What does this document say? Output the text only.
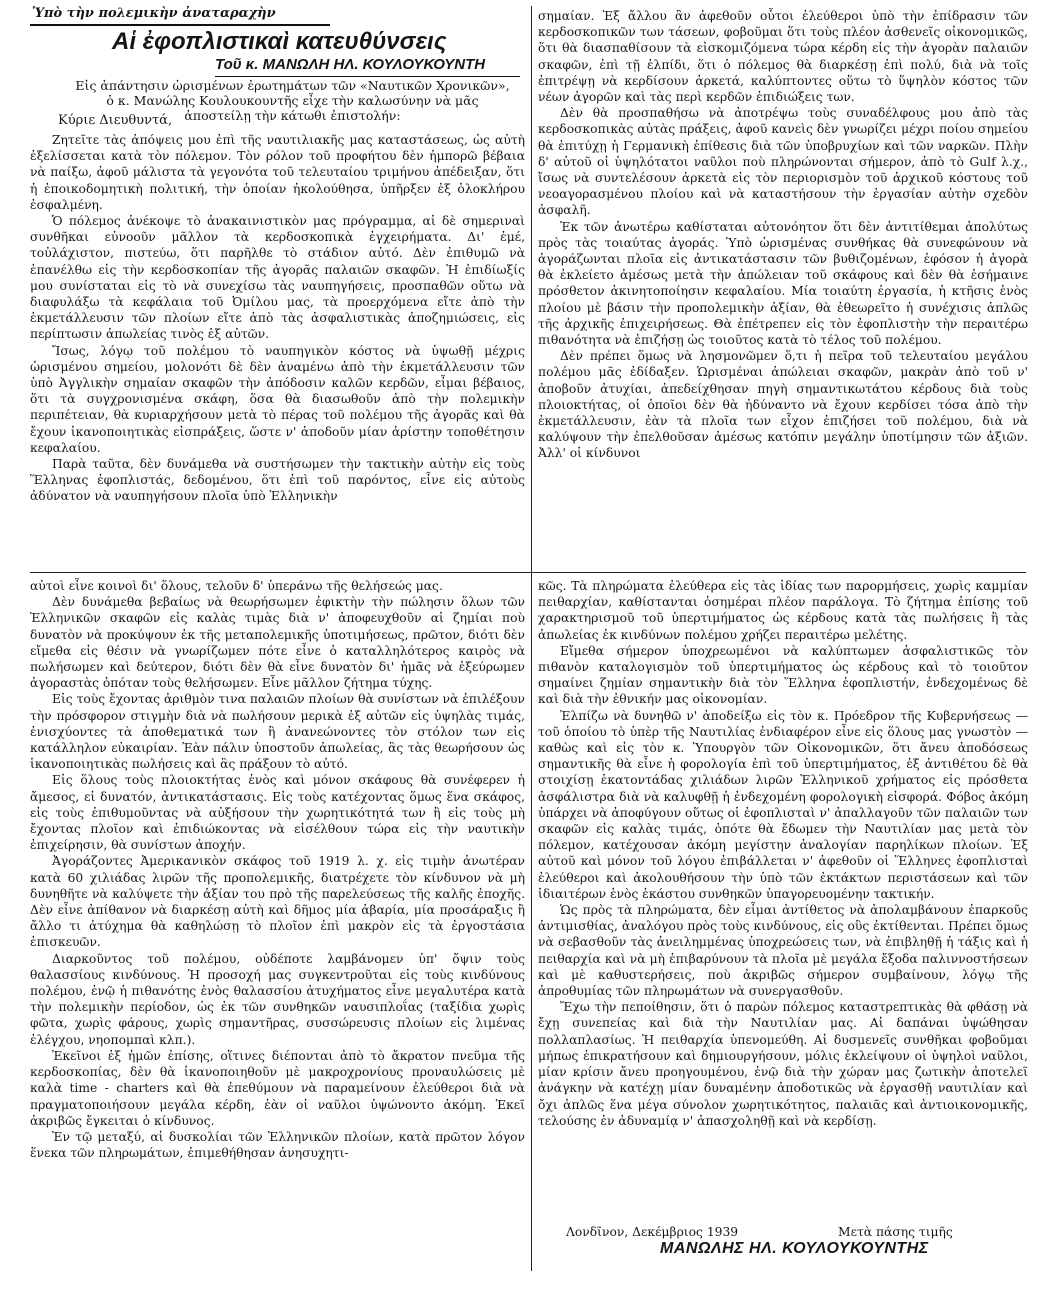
Ὑπὸ τὴν πολεμικὴν ἀναταραχὴν
Αἱ ἐφοπλιστικαὶ κατευθύνσεις
Τοῦ κ. ΜΑΝΩΛΗ ΗΛ. ΚΟΥΛΟΥΚΟΥΝΤΗ
Εἰς ἀπάντησιν ὡρισμένων ἐρωτημάτων τῶν «Ναυτικῶν Χρονικῶν», ὁ κ. Μανώλης Κουλουκουντῆς εἶχε τὴν καλωσύνην νὰ μᾶς ἀποστείλῃ τὴν κάτωθι ἐπιστολήν:
Κύριε Διευθυντά,

Ζητεῖτε τὰς ἀπόψεις μου ἐπὶ τῆς ναυτιλιακῆς μας καταστάσεως, ὡς αὐτὴ ἐξελίσσεται κατὰ τὸν πόλεμον. Τὸν ρόλον τοῦ προφήτου δὲν ἠμπορῶ βέβαια νὰ παίξω, ἀφοῦ μάλιστα τὰ γεγονότα τοῦ τελευταίου τριμήνου ἀπέδειξαν, ὅτι ἡ ἐποικοδομητικὴ πολιτική, τὴν ὁποίαν ἠκολούθησα, ὑπῆρξεν ἐξ ὁλοκλήρου ἐσφαλμένη.

Ὁ πόλεμος ἀνέκοψε τὸ ἀνακαινιστικὸν μας πρόγραμμα, αἱ δὲ σημεριναὶ συνθῆκαι εὐνοοῦν μᾶλλον τὰ κερδοσκοπικὰ ἐγχειρήματα. Δι' ἐμέ, τοὐλάχιστον, πιστεύω, ὅτι παρῆλθε τὸ στάδιον αὐτό. Δὲν ἐπιθυμῶ νὰ ἐπανέλθω εἰς τὴν κερδοσκοπίαν τῆς ἀγορᾶς παλαιῶν σκαφῶν. Ἡ ἐπιδίωξίς μου συνίσταται εἰς τὸ νὰ συνεχίσω τὰς ναυπηγήσεις, προσπαθῶν οὕτω νὰ διαφυλάξω τὰ κεφάλαια τοῦ Ὀμίλου μας, τὰ προερχόμενα εἴτε ἀπὸ τὴν ἐκμετάλλευσιν τῶν πλοίων εἴτε ἀπὸ τὰς ἀσφαλιστικὰς ἀποζημιώσεις, εἰς περίπτωσιν ἀπωλείας τινὸς ἐξ αὐτῶν.

Ἴσως, λόγῳ τοῦ πολέμου τὸ ναυπηγικὸν κόστος νὰ ὑψωθῇ μέχρις ὡρισμένου σημείου, μολονότι δὲ δὲν ἀναμένω ἀπὸ τὴν ἐκμετάλλευσιν τῶν ὑπὸ Ἀγγλικὴν σημαίαν σκαφῶν τὴν ἀπόδοσιν καλῶν κερδῶν, εἶμαι βέβαιος, ὅτι τὰ συγχρονισμένα σκάφη, ὅσα θὰ διασωθοῦν ἀπὸ τὴν πολεμικὴν περιπέτειαν, θὰ κυριαρχήσουν μετὰ τὸ πέρας τοῦ πολέμου τῆς ἀγορᾶς καὶ θὰ ἔχουν ἱκανοποιητικὰς εἰσπράξεις, ὥστε ν' ἀποδοῦν μίαν ἀρίστην τοποθέτησιν κεφαλαίου.

Παρὰ ταῦτα, δὲν δυνάμεθα νὰ συστήσωμεν τὴν τακτικὴν αὐτὴν εἰς τοὺς Ἕλληνας ἐφοπλιστάς, δεδομένου, ὅτι ἐπὶ τοῦ παρόντος, εἶνε εἰς αὐτοὺς ἀδύνατον νὰ ναυπηγήσουν πλοῖα ὑπὸ Ἑλληνικὴν

σημαίαν. Ἐξ ἄλλου ἂν ἀφεθοῦν οὗτοι ἐλεύθεροι ὑπὸ τὴν ἐπίδρασιν τῶν κερδοσκοπικῶν των τάσεων, φοβοῦμαι ὅτι τοὺς πλέον ἀσθενεῖς οἰκονομικῶς, ὅτι θὰ διασπαθίσουν τὰ εἰσκομιζόμενα τώρα κέρδη εἰς τὴν ἀγορὰν παλαιῶν σκαφῶν, ἐπὶ τῇ ἐλπίδι, ὅτι ὁ πόλεμος θὰ διαρκέσῃ ἐπὶ πολύ, διὰ νὰ τοῖς ἐπιτρέψῃ νὰ κερδίσουν ἀρκετά, καλύπτοντες οὕτω τὸ ὕψηλὸν κόστος τῶν νέων ἀγορῶν καὶ τὰς περὶ κερδῶν ἐπιδιώξεις των.

Δὲν θὰ προσπαθήσω νὰ ἀποτρέψω τοὺς συναδέλφους μου ἀπὸ τὰς κερδοσκοπικὰς αὐτὰς πράξεις, ἀφοῦ κανεὶς δὲν γνωρίζει μέχρι ποίου σημείου θὰ ἐπιτύχῃ ἡ Γερμανικὴ ἐπίθεσις διὰ τῶν ὑποβρυχίων καὶ τῶν ναρκῶν. Πλὴν δ' αὐτοῦ οἱ ὑψηλότατοι ναῦλοι ποὺ πληρώνονται σήμερον, ἀπὸ τὸ Gulf λ.χ., ἴσως νὰ συντελέσουν ἀρκετὰ εἰς τὸν περιορισμὸν τοῦ ἀρχικοῦ κόστους τοῦ νεοαγορασμένου πλοίου καὶ νὰ καταστήσουν τὴν ἐργασίαν αὐτὴν σχεδὸν ἀσφαλῆ.

Ἐκ τῶν ἀνωτέρω καθίσταται αὐτονόητον ὅτι δὲν ἀντιτίθεμαι ἀπολύτως πρὸς τὰς τοιαύτας ἀγοράς. Ὑπὸ ὡρισμένας συνθήκας θὰ συνεφώνουν νὰ ἀγοράζωνται πλοῖα εἰς ἀντικατάστασιν τῶν βυθιζομένων, ἐφόσον ἡ ἀγορὰ θὰ ἐκλείετο ἀμέσως μετὰ τὴν ἀπώλειαν τοῦ σκάφους καὶ δὲν θὰ ἐσήμαινε πρόσθετον ἀκινητοποίησιν κεφαλαίου. Μία τοιαύτη ἐργασία, ἡ κτῆσις ἑνὸς πλοίου μὲ βάσιν τὴν προπολεμικὴν ἀξίαν, θὰ ἐθεωρεῖτο ἡ συνέχισις ἁπλῶς τῆς ἀρχικῆς ἐπιχειρήσεως. Θὰ ἐπέτρεπεν εἰς τὸν ἐφοπλιστὴν τὴν περαιτέρω πιθανότητα νὰ ἐπιζήσῃ ὡς τοιοῦτος κατὰ τὸ τέλος τοῦ πολέμου.

Δὲν πρέπει ὅμως νὰ λησμονῶμεν ὅ,τι ἡ πεῖρα τοῦ τελευταίου μεγάλου πολέμου μᾶς ἐδίδαξεν. Ὡρισμέναι ἀπώλειαι σκαφῶν, μακρὰν ἀπὸ τοῦ ν' ἀποβοῦν ἀτυχίαι, ἀπεδείχθησαν πηγὴ σημαντικωτάτου κέρδους διὰ τοὺς πλοιοκτήτας, οἱ ὁποῖοι δὲν θὰ ἠδύναντο νὰ ἔχουν κερδίσει τόσα ἀπὸ τὴν ἐκμετάλλευσιν, ἐὰν τὰ πλοῖα των εἶχον ἐπιζήσει τοῦ πολέμου, διὰ νὰ καλύψουν τὴν ἐπελθοῦσαν ἀμέσως κατόπιν μεγάλην ὑποτίμησιν τῶν ἀξιῶν. Ἀλλ' οἱ κίνδυνοι

αὐτοὶ εἶνε κοινοὶ δι' ὅλους, τελοῦν δ' ὑπεράνω τῆς θελήσεώς μας.

Δὲν δυνάμεθα βεβαίως νὰ θεωρήσωμεν ἐφικτὴν τὴν πώλησιν ὅλων τῶν Ἑλληνικῶν σκαφῶν εἰς καλὰς τιμὰς διὰ ν' ἀποφευχθοῦν αἱ ζημίαι ποὺ δυνατὸν νὰ προκύψουν ἐκ τῆς μεταπολεμικῆς ὑποτιμήσεως, πρῶτον, διότι δὲν εἴμεθα εἰς θέσιν νὰ γνωρίζωμεν πότε εἶνε ὁ καταλληλότερος καιρὸς νὰ πωλήσωμεν καὶ δεύτερον, διότι δὲν θὰ εἶνε δυνατὸν δι' ἡμᾶς νὰ ἐξεύρωμεν ἀγοραστὰς ὁπόταν τοὺς θελήσωμεν. Εἶνε μᾶλλον ζήτημα τύχης.

Εἰς τοὺς ἔχοντας ἀριθμὸν τινα παλαιῶν πλοίων θὰ συνίστων νὰ ἐπιλέξουν τὴν πρόσφορον στιγμὴν διὰ νὰ πωλήσουν μερικὰ ἐξ αὐτῶν εἰς ὑψηλὰς τιμάς, ἐνισχύοντες τὰ ἀποθεματικά των ἢ ἀνανεώνοντες τὸν στόλον των εἰς κατάλληλον εὐκαιρίαν. Ἐὰν πάλιν ὑποστοῦν ἀπωλείας, ἃς τὰς θεωρήσουν ὡς ἱκανοποιητικὰς πωλήσεις καὶ ἃς πράξουν τὸ αὐτό.

Εἰς ὅλους τοὺς πλοιοκτήτας ἑνὸς καὶ μόνον σκάφους θὰ συνέφερεν ἡ ἄμεσος, εἰ δυνατόν, ἀντικατάστασις. Εἰς τοὺς κατέχοντας ὅμως ἕνα σκάφος, εἰς τοὺς ἐπιθυμοῦντας νὰ αὐξήσουν τὴν χωρητικότητά των ἢ εἰς τοὺς μὴ ἔχοντας πλοῖον καὶ ἐπιδιώκοντας νὰ εἰσέλθουν τώρα εἰς τὴν ναυτικὴν ἐπιχείρησιν, θὰ συνίστων ἀποχήν.

Ἀγοράζοντες Ἀμερικανικὸν σκάφος τοῦ 1919 λ. χ. εἰς τιμὴν ἀνωτέραν κατὰ 60 χιλιάδας λιρῶν τῆς προπολεμικῆς, διατρέχετε τὸν κίνδυνον νὰ μὴ δυνηθῆτε νὰ καλύψετε τὴν ἀξίαν του πρὸ τῆς παρελεύσεως τῆς καλῆς ἐποχῆς. Δὲν εἶνε ἀπίθανον νὰ διαρκέσῃ αὐτὴ καὶ δῆμος μία ἀβαρία, μία προσάραξις ἢ ἄλλο τι ἀτύχημα θὰ καθηλώσῃ τὸ πλοῖον ἐπὶ μακρὸν εἰς τὰ ἐργοστάσια ἐπισκευῶν.

Διαρκοῦντος τοῦ πολέμου, οὐδέποτε λαμβάνομεν ὑπ' ὄψιν τοὺς θαλασσίους κινδύνους. Ἡ προσοχή μας συγκεντροῦται εἰς τοὺς κινδύνους πολέμου, ἐνῷ ἡ πιθανότης ἑνὸς θαλασσίου ἀτυχήματος εἶνε μεγαλυτέρα κατὰ τὴν πολεμικὴν περίοδον, ὡς ἐκ τῶν συνθηκῶν ναυσιπλοΐας (ταξίδια χωρὶς φῶτα, χωρὶς φάρους, χωρὶς σημαντῆρας, συσσώρευσις πλοίων εἰς λιμένας ἐλέγχου, νηοπομπαὶ κλπ.).

Ἐκεῖνοι ἐξ ἡμῶν ἐπίσης, οἵτινες διέπονται ἀπὸ τὸ ἄκρατον πνεῦμα τῆς κερδοσκοπίας, δὲν θὰ ἱκανοποιηθοῦν μὲ μακροχρονίους προναυλώσεις μὲ καλὰ time - charters καὶ θὰ ἐπεθύμουν νὰ παραμείνουν ἐλεύθεροι διὰ νὰ πραγματοποιήσουν μεγάλα κέρδη, ἐὰν οἱ ναῦλοι ὑψώνοντο ἀκόμη. Ἐκεῖ ἀκριβῶς ἔγκειται ὁ κίνδυνος.

Ἐν τῷ μεταξύ, αἱ δυσκολίαι τῶν Ἑλληνικῶν πλοίων, κατὰ πρῶτον λόγον ἕνεκα τῶν πληρωμάτων, ἐπιμεθήθησαν ἀνησυχητι-

κῶς. Τὰ πληρώματα ἐλεύθερα εἰς τὰς ἰδίας των παρορμήσεις, χωρὶς καμμίαν πειθαρχίαν, καθίστανται ὁσημέραι πλέον παράλογα. Τὸ ζήτημα ἐπίσης τοῦ χαρακτηρισμοῦ τοῦ ὑπερτιμήματος ὡς κέρδους κατὰ τὰς πωλήσεις ἢ τὰς ἀπωλείας ἐκ κινδύνων πολέμου χρήζει περαιτέρω μελέτης.

Εἴμεθα σήμερον ὑποχρεωμένοι νὰ καλύπτωμεν ἀσφαλιστικῶς τὸν πιθανὸν καταλογισμὸν τοῦ ὑπερτιμήματος ὡς κέρδους καὶ τὸ τοιοῦτον σημαίνει ζημίαν σημαντικὴν διὰ τὸν Ἕλληνα ἐφοπλιστήν, ἐνδεχομένως δὲ καὶ διὰ τὴν ἐθνικήν μας οἰκονομίαν.

Ἐλπίζω νὰ δυνηθῶ ν' ἀποδείξω εἰς τὸν κ. Πρόεδρον τῆς Κυβερνήσεως — τοῦ ὁποίου τὸ ὑπὲρ τῆς Ναυτιλίας ἐνδιαφέρον εἶνε εἰς ὅλους μας γνωστὸν — καθὼς καὶ εἰς τὸν κ. Ὑπουργὸν τῶν Οἰκονομικῶν, ὅτι ἄνευ ἀποδόσεως σημαντικῆς θὰ εἶνε ἡ φορολογία ἐπὶ τοῦ ὑπερτιμήματος, ἐξ ἀντιθέτου δὲ θὰ στοιχίσῃ ἑκατοντάδας χιλιάδων λιρῶν Ἑλληνικοῦ χρήματος εἰς πρόσθετα ἀσφάλιστρα διὰ νὰ καλυφθῇ ἡ ἐνδεχομένη φορολογικὴ εἰσφορά. Φόβος ἀκόμη ὑπάρχει νὰ ἀποφύγουν οὕτως οἱ ἐφοπλισταὶ ν' ἀπαλλαγοῦν τῶν παλαιῶν των σκαφῶν εἰς καλὰς τιμάς, ὁπότε θὰ ἔδωμεν τὴν Ναυτιλίαν μας μετὰ τὸν πόλεμον, κατέχουσαν ἀκόμη μεγίστην ἀναλογίαν παρηλίκων πλοίων. Ἐξ αὐτοῦ καὶ μόνον τοῦ λόγου ἐπιβάλλεται ν' ἀφεθοῦν οἱ Ἕλληνες ἐφοπλισταὶ ἐλεύθεροι καὶ ἀκολουθήσουν τὴν ὑπὸ τῶν ἐκτάκτων περιστάσεων καὶ τῶν ἰδιαιτέρων ἑνὸς ἑκάστου συνθηκῶν ὑπαγορευομένην τακτικήν.

Ὡς πρὸς τὰ πληρώματα, δὲν εἶμαι ἀντίθετος νὰ ἀπολαμβάνουν ἐπαρκοῦς ἀντιμισθίας, ἀναλόγου πρὸς τοὺς κινδύνους, εἰς οὓς ἐκτίθενται. Πρέπει ὅμως νὰ σεβασθοῦν τὰς ἀνειλημμένας ὑποχρεώσεις των, νὰ ἐπιβληθῇ ἡ τάξις καὶ ἡ πειθαρχία καὶ νὰ μὴ ἐπιβαρύνουν τὰ πλοῖα μὲ μεγάλα ἔξοδα παλιννοστήσεων καὶ μὲ καθυστερήσεις, ποὺ ἀκριβῶς σήμερον συμβαίνουν, λόγῳ τῆς ἀπροθυμίας τῶν πληρωμάτων νὰ συνεργασθοῦν.

Ἔχω τὴν πεποίθησιν, ὅτι ὁ παρὼν πόλεμος καταστρεπτικὰς θὰ φθάσῃ νὰ ἔχῃ συνεπείας καὶ διὰ τὴν Ναυτιλίαν μας. Αἱ δαπάναι ὑψώθησαν πολλαπλασίως. Ἡ πειθαρχία ὑπενομεύθη. Αἱ δυσμενεῖς συνθῆκαι φοβοῦμαι μήπως ἐπικρατήσουν καὶ δημιουργήσουν, μόλις ἐκλείψουν οἱ ὑψηλοὶ ναῦλοι, μίαν κρίσιν ἄνευ προηγουμένου, ἐνῷ διὰ τὴν χώραν μας ζωτικὴν ἀποτελεῖ ἀνάγκην νὰ κατέχῃ μίαν δυναμένην ἀποδοτικῶς νὰ ἐργασθῇ ναυτιλίαν καὶ ὄχι ἁπλῶς ἕνα μέγα σύνολον χωρητικότητος, παλαιᾶς καὶ ἀντιοικονομικῆς, τελούσης ἐν ἀδυναμίᾳ ν' ἀπασχοληθῇ καὶ νὰ κερδίσῃ.

Λονδῖνον, Δεκέμβριος 1939	Μετὰ πάσης τιμῆς
ΜΑΝΩΛΗΣ ΗΛ. ΚΟΥΛΟΥΚΟΥΝΤΗΣ
